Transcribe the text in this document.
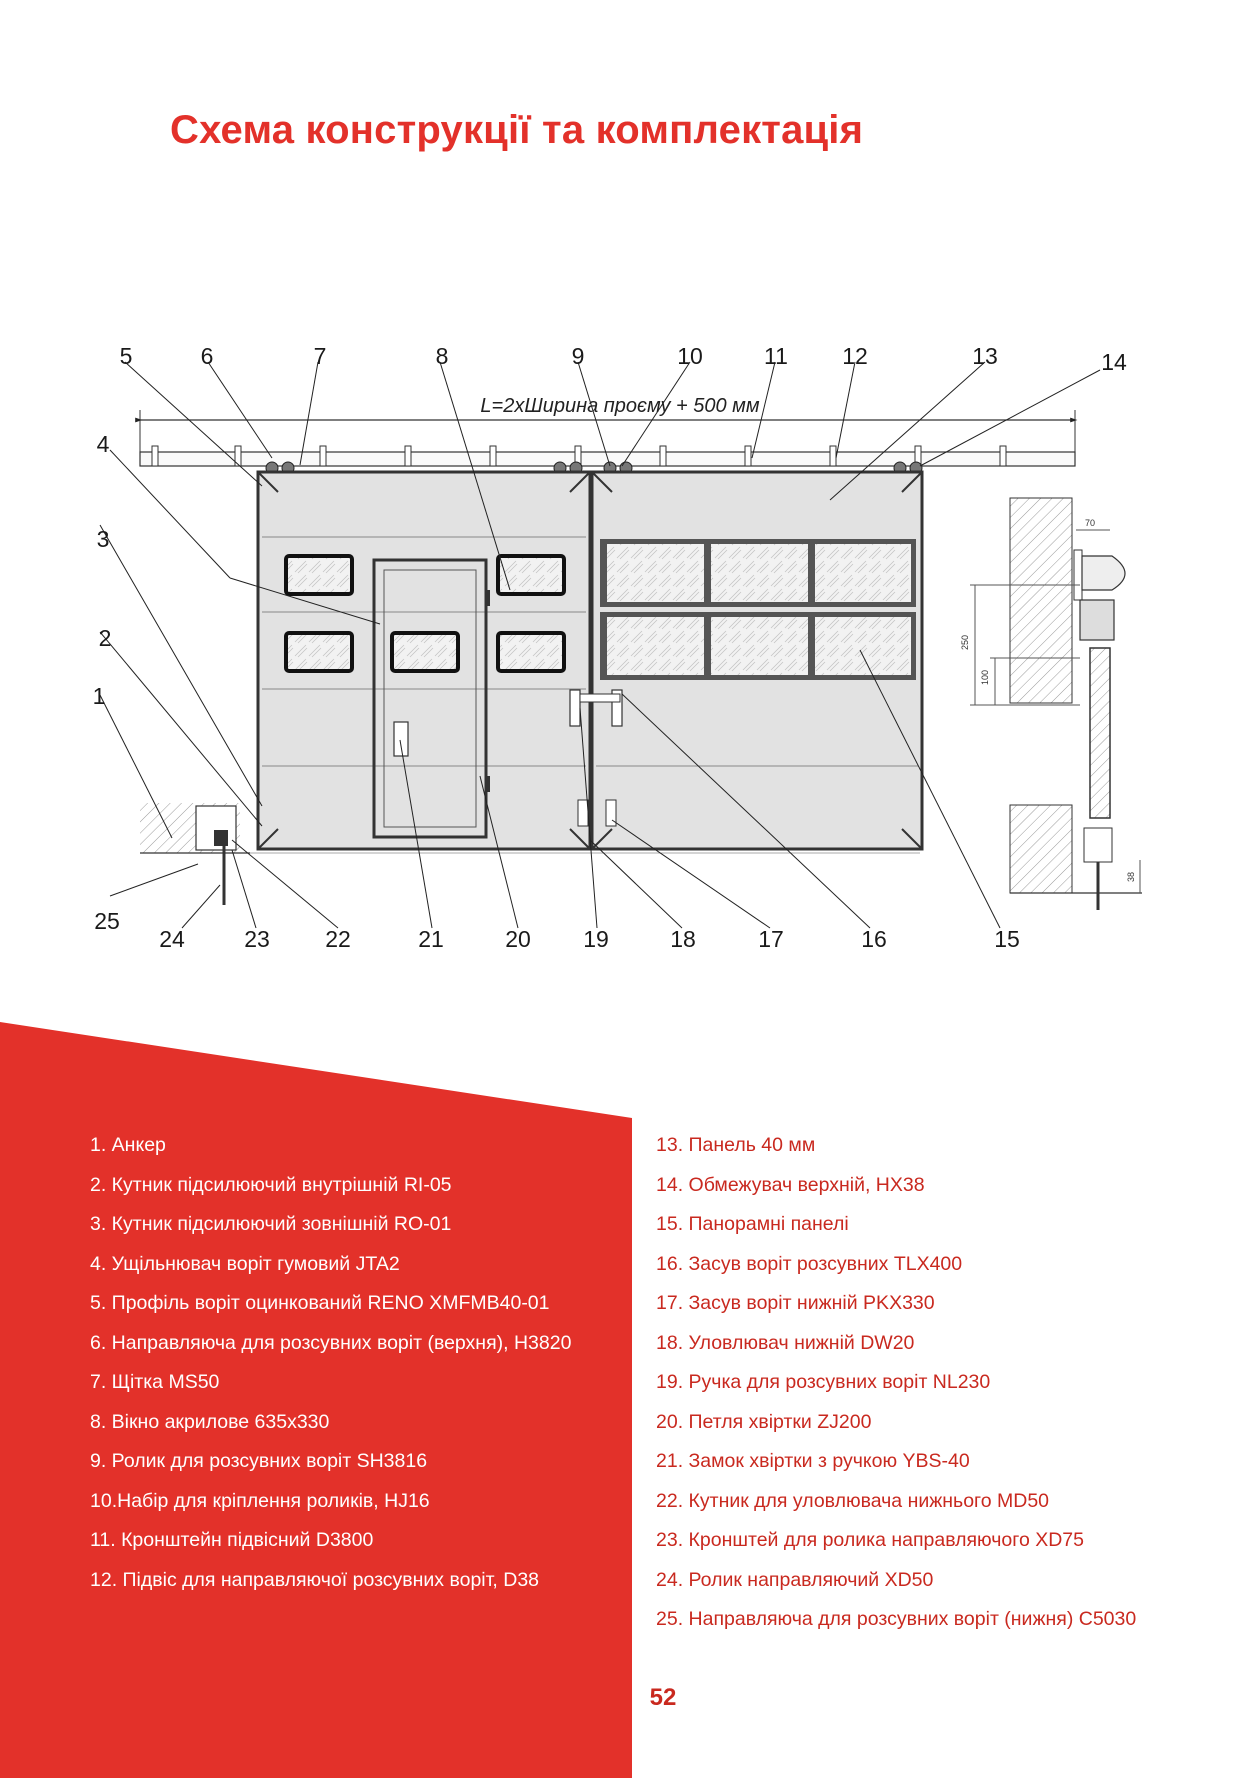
Схема конструкції та комплектація
L=2xШирина проєму + 500 мм
70
250
100
38
5	6	7	8	9	10	11 12	13	14
4
3
2
1
25
24	23 22	21	20 19	18	17	16	15
1. Анкер
2. Кутник підсилюючий внутрішній RI-05
3. Кутник підсилюючий зовнішній RO-01
4. Ущільнювач воріт гумовий JTA2
5. Профіль воріт оцинкований RENO XMFMB40-01
6. Направляюча для розсувних воріт (верхня), H3820
7. Щітка MS50
8. Вікно акрилове 635x330
9. Ролик для розсувних воріт SH3816
10.Набір для кріплення роликів, HJ16
11. Кронштейн підвісний D3800
12. Підвіс для направляючої розсувних воріт, D38
13. Панель 40 мм
14. Обмежувач верхній, HX38
15. Панорамні панелі
16. Засув воріт розсувних TLX400
17. Засув воріт нижній PKX330
18. Уловлювач нижній DW20
19. Ручка для розсувних воріт NL230
20. Петля хвіртки ZJ200
21. Замок хвіртки з ручкою YBS-40
22. Кутник для уловлювача нижнього MD50
23. Кронштей для ролика направляючого XD75
24. Ролик направляючий XD50
25. Направляюча для розсувних воріт (нижня) C5030
52
